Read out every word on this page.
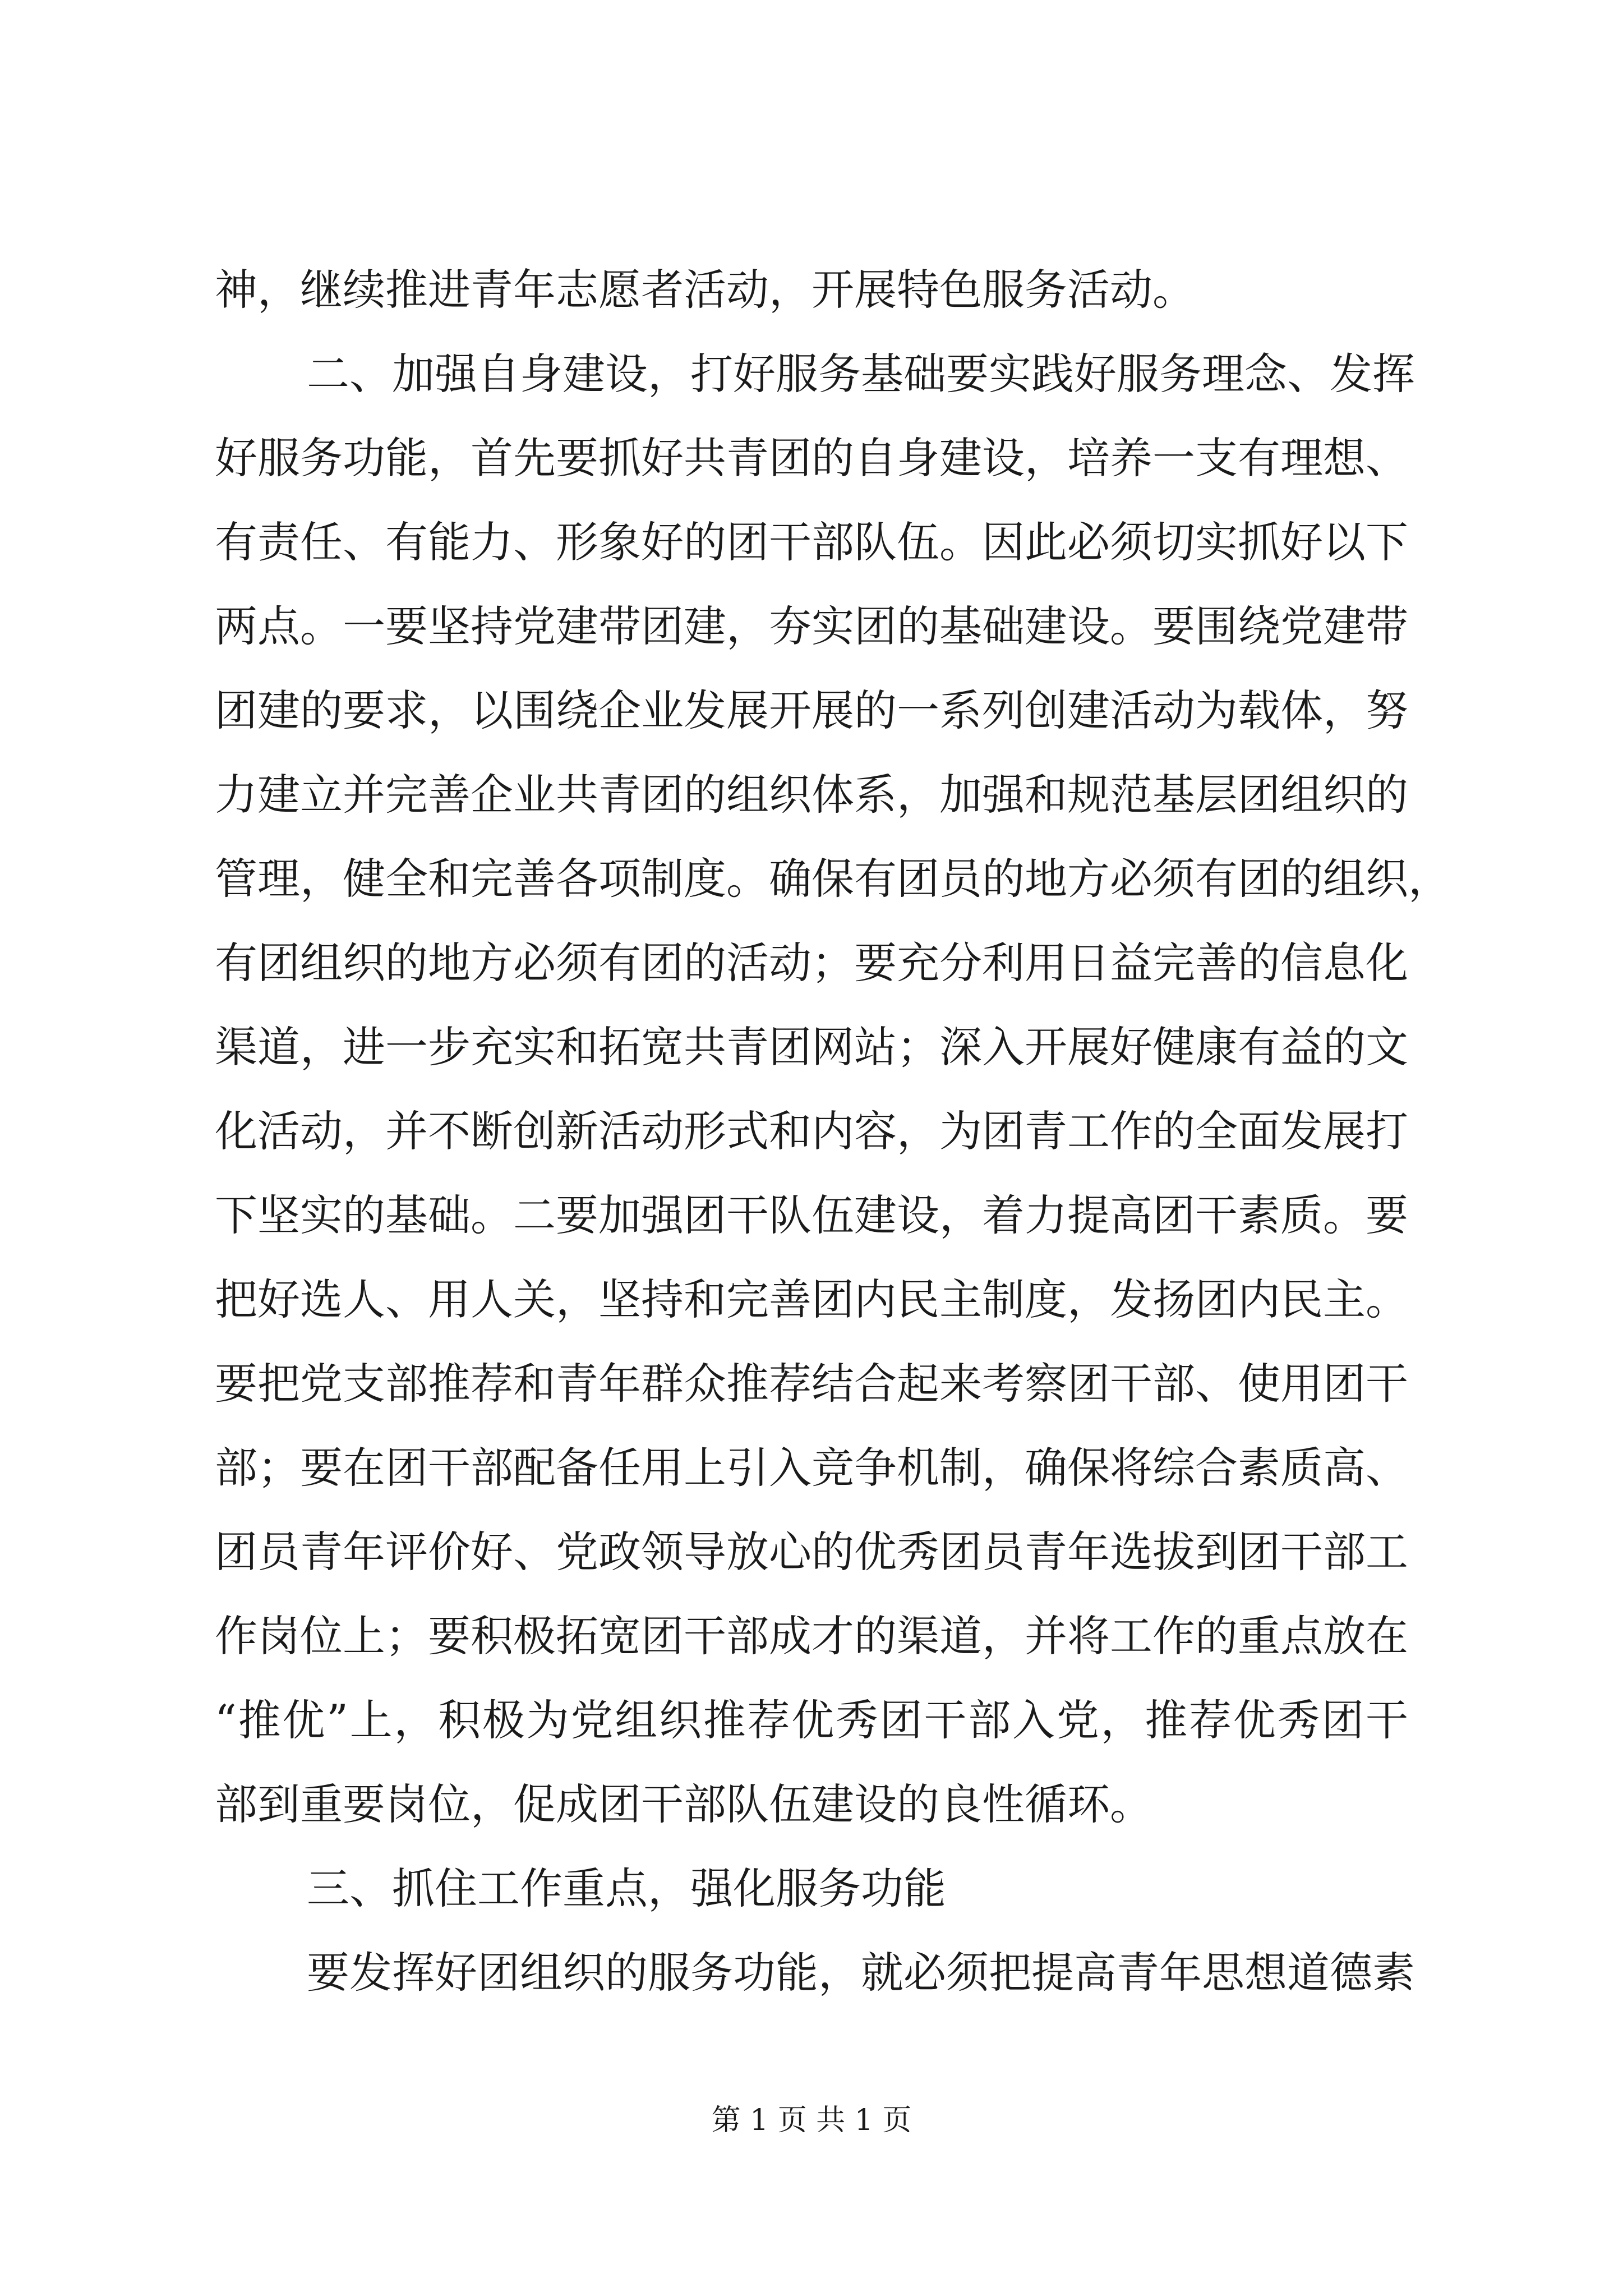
神，继续推进青年志愿者活动，开展特色服务活动。
二、加强自身建设，打好服务基础要实践好服务理念、发挥
好服务功能，首先要抓好共青团的自身建设，培养一支有理想、
有责任、有能力、形象好的团干部队伍。因此必须切实抓好以下
两点。一要坚持党建带团建，夯实团的基础建设。要围绕党建带
团建的要求，以围绕企业发展开展的一系列创建活动为载体，努
力建立并完善企业共青团的组织体系，加强和规范基层团组织的
管理，健全和完善各项制度。确保有团员的地方必须有团的组织，
有团组织的地方必须有团的活动；要充分利用日益完善的信息化
渠道，进一步充实和拓宽共青团网站；深入开展好健康有益的文
化活动，并不断创新活动形式和内容，为团青工作的全面发展打
下坚实的基础。二要加强团干队伍建设，着力提高团干素质。要
把好选人、用人关，坚持和完善团内民主制度，发扬团内民主。
要把党支部推荐和青年群众推荐结合起来考察团干部、使用团干
部；要在团干部配备任用上引入竞争机制，确保将综合素质高、
团员青年评价好、党政领导放心的优秀团员青年选拔到团干部工
作岗位上；要积极拓宽团干部成才的渠道，并将工作的重点放在
“推优”上，积极为党组织推荐优秀团干部入党，推荐优秀团干
部到重要岗位，促成团干部队伍建设的良性循环。
三、抓住工作重点，强化服务功能
要发挥好团组织的服务功能，就必须把提高青年思想道德素
第 1 页 共 1 页
